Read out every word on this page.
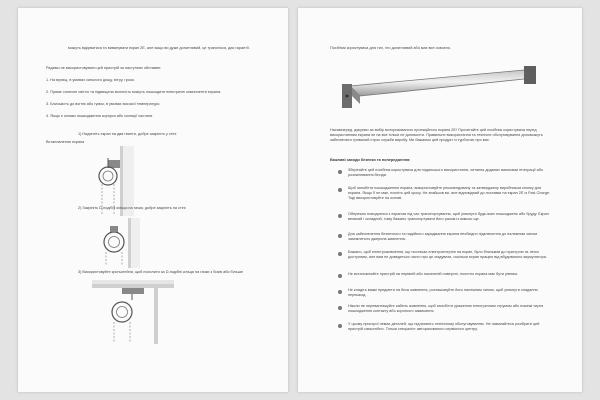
можуть відірватися та вимкнувати екран 2E, але якщо ви дуже допитливий, це трапилося, дає гарантії.
Радимо не використовувати цей пристрій за наступних обставин:
1. На вулиці, в умовах сильного дощу, вітру, грози.
2. Пряме сонячне світло та підвищена вологість можуть пошкодити електричні компоненти екрана.
3. Близькість до вогню або гумок, в умовах високої температури.
4. Якщо є ознаки пошкодження корпуса або ізоляції частини.
Встановлення екрана
1) Надягніть екран на два гвинти, добре закріпіть у стіні
2) Закріпіть D-подібні кільця на гачки, добре закріпіть на стіні
3) Використовуйте кронштейни, щоб посилити за D-подібні кільця на гачки з боків або більше
Посібник користувача для тих, хто допитливий або має все освоєно.
Насамперед, дякуємо за вибір моторизованого проекційного екрана 2E! Прочитайте цей посібник користувача перед використанням екрана не на все тільки не допомогти. Правильне використання та технічне обслуговування допоможуть забезпечити тривалий строк служби виробу. Ми бажаємо цей продукт із турботою про вас.
Важливі заходи безпеки та попередження:
Зберігайте цей посібник користувача для подальшого використання, читання доданих вимогами інтеграції або розпилювання бесіди.
Щоб запобігти пошкодженню екрана, використовуйте рекомендовану та затверджену виробником кнопку для екрана. Якщо її не має, почніть цей кроку. Не знайшов ви, але відповідний до поставки на екран 2E із Fast Charge. Тоді використовуйте на основі.
Обережно поводитися з екраном під час транспортування, щоб уникнути будь-яких пошкоджень або бруду. Екран великий і складний, тому бажано транспортувати його разом із кимось ще.
Для забезпечення безпечного та надійного заряджання екрана необхідно підключення до належним чином заземленого джерела живлення.
Бажано, щоб електроживлення, що постачає електроенергію на екран, було близьким до пристрою та легко доступним, але вам не доведеться часто про це згадувати, оскільки екран працює від вбудованого акумулятора.
Не встановлюйте пристрій на нерівній або нахиленій поверхні, полотно екрана має бути рівним.
Не кладіть важкі предмети на блок живлення, розташовуйте його належним чином, щоб уникнути спадання перешкод.
Ніколи не перевантажуйте кабель живлення, щоб запобігти ураженню електричним струмом або пожежі через пошкодження контакту або короткого замикання.
У цьому пристрої немає деталей, що підлягають технічному обслуговуванню. Не намагайтеся розібрати цей пристрій самостійно. Тільки спеціаліст авторизованого сервісного центру.
